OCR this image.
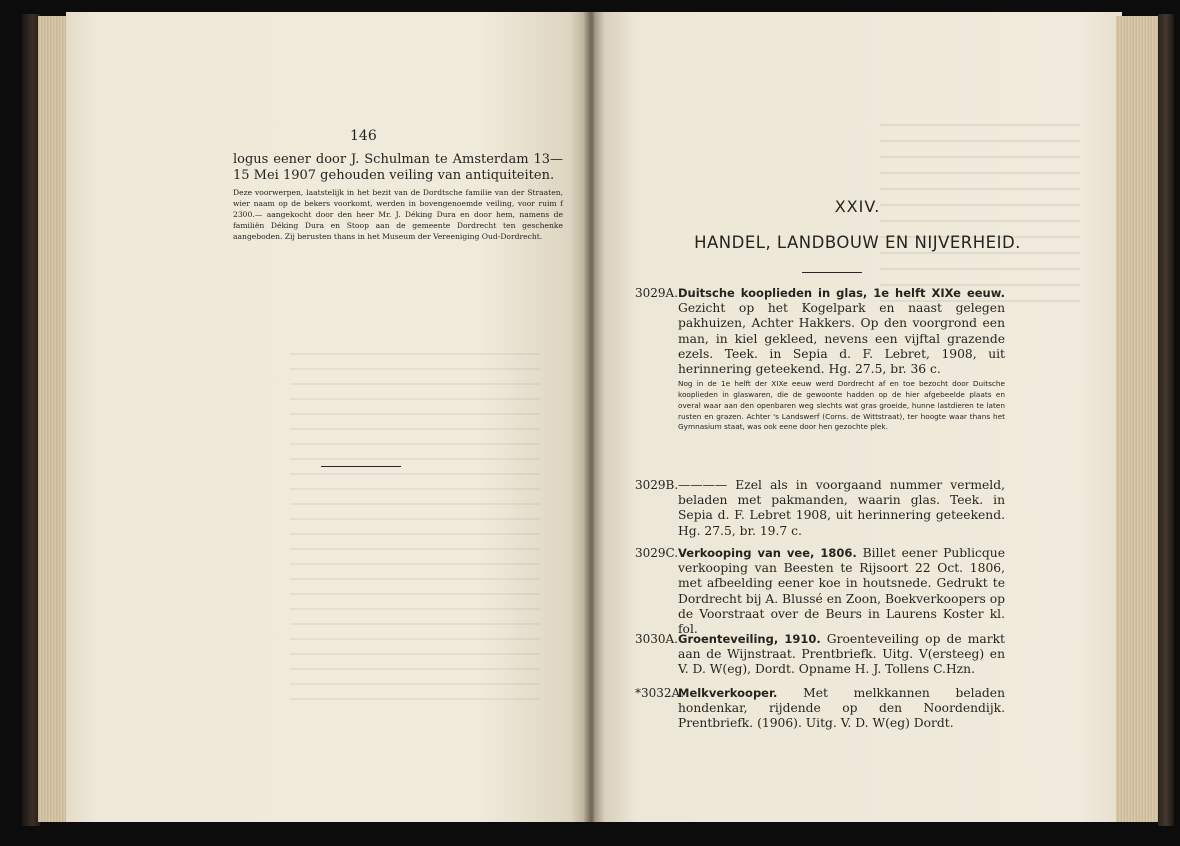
146
logus eener door J. Schulman te Amsterdam 13—15 Mei 1907 gehouden veiling van antiquiteiten.
Deze voorwerpen, laatstelijk in het bezit van de Dordtsche familie van der Straaten, wier naam op de bekers voorkomt, werden in bovengenoemde veiling, voor ruim f 2300.— aangekocht door den heer Mr. J. Déking Dura en door hem, namens de familiën Déking Dura en Stoop aan de gemeente Dordrecht ten geschenke aangeboden. Zij berusten thans in het Museum der Vereeniging Oud-Dordrecht.
XXIV.
HANDEL, LANDBOUW EN NIJVERHEID.
3029A. Duitsche kooplieden in glas, 1e helft XIXe eeuw. Gezicht op het Kogelpark en naast gelegen pakhuizen, Achter Hakkers. Op den voorgrond een man, in kiel gekleed, nevens een vijftal grazende ezels. Teek. in Sepia d. F. Lebret, 1908, uit herinnering geteekend. Hg. 27.5, br. 36 c.
Nog in de 1e helft der XIXe eeuw werd Dordrecht af en toe bezocht door Duitsche kooplieden in glaswaren, die de gewoonte hadden op de hier afgebeelde plaats en overal waar aan den openbaren weg slechts wat gras groeide, hunne lastdieren te laten rusten en grazen. Achter 's Landswerf (Corns. de Wittstraat), ter hoogte waar thans het Gymnasium staat, was ook eene door hen gezochte plek.
3029B. ———— Ezel als in voorgaand nummer vermeld, beladen met pakmanden, waarin glas. Teek. in Sepia d. F. Lebret 1908, uit herinnering geteekend. Hg. 27.5, br. 19.7 c.
3029C. Verkooping van vee, 1806. Billet eener Publicque verkooping van Beesten te Rijsoort 22 Oct. 1806, met afbeelding eener koe in houtsnede. Gedrukt te Dordrecht bij A. Blussé en Zoon, Boekverkoopers op de Voorstraat over de Beurs in Laurens Koster kl. fol.
3030A. Groenteveiling, 1910. Groenteveiling op de markt aan de Wijnstraat. Prentbriefk. Uitg. V(ersteeg) en V. D. W(eg), Dordt. Opname H. J. Tollens C.Hzn.
*3032A.
Melkverkooper. Met melkkannen beladen hondenkar, rijdende op den Noordendijk. Prentbriefk. (1906). Uitg. V. D. W(eg) Dordt.
